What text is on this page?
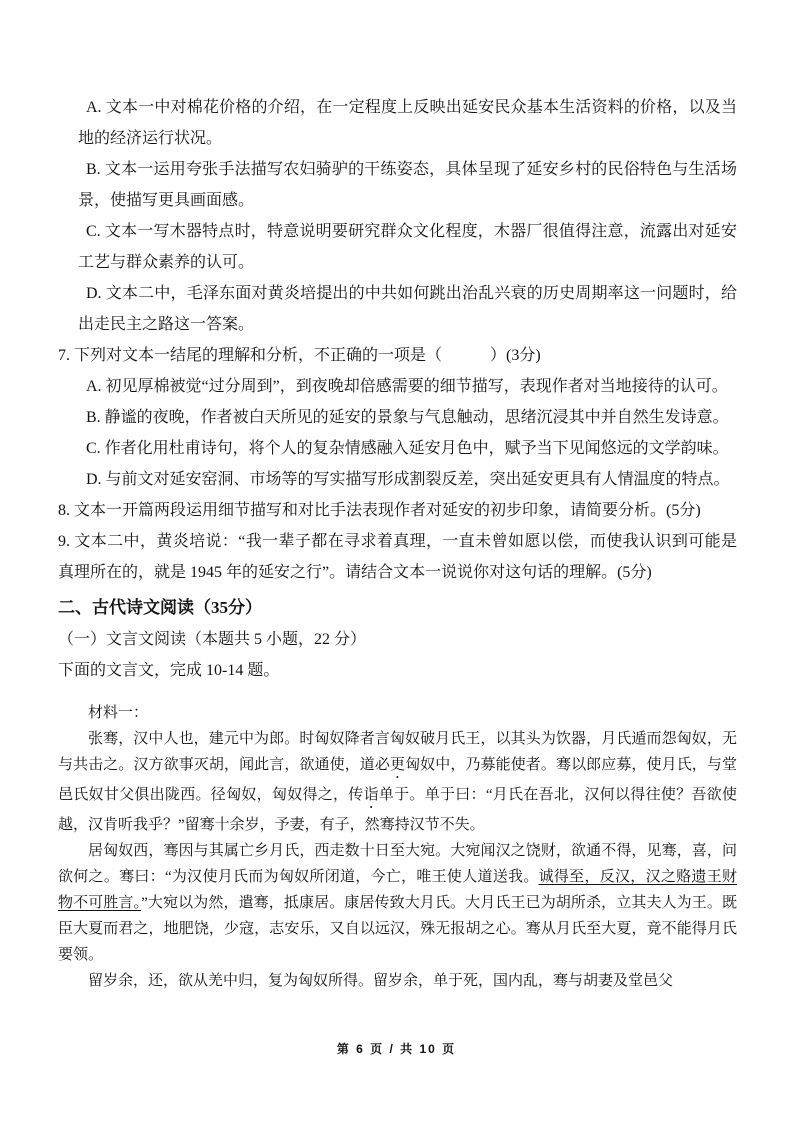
A. 文本一中对棉花价格的介绍，在一定程度上反映出延安民众基本生活资料的价格，以及当地的经济运行状况。

B. 文本一运用夸张手法描写农妇骑驴的干练姿态，具体呈现了延安乡村的民俗特色与生活场景，使描写更具画面感。

C. 文本一写木器特点时，特意说明要研究群众文化程度，木器厂很值得注意，流露出对延安工艺与群众素养的认可。

D. 文本二中，毛泽东面对黄炎培提出的中共如何跳出治乱兴衰的历史周期率这一问题时，给出走民主之路这一答案。

7. 下列对文本一结尾的理解和分析，不正确的一项是（　　　）(3分)

A. 初见厚棉被觉“过分周到”，到夜晚却倍感需要的细节描写，表现作者对当地接待的认可。

B. 静谧的夜晚，作者被白天所见的延安的景象与气息触动，思绪沉浸其中并自然生发诗意。

C. 作者化用杜甫诗句，将个人的复杂情感融入延安月色中，赋予当下见闻悠远的文学韵味。

D. 与前文对延安窑洞、市场等的写实描写形成割裂反差，突出延安更具有人情温度的特点。

8. 文本一开篇两段运用细节描写和对比手法表现作者对延安的初步印象，请简要分析。(5分)

9. 文本二中，黄炎培说：“我一辈子都在寻求着真理，一直未曾如愿以偿，而使我认识到可能是真理所在的，就是 1945 年的延安之行”。请结合文本一说说你对这句话的理解。(5分)

二、古代诗文阅读（35分）

（一）文言文阅读（本题共 5 小题，22 分）

下面的文言文，完成 10-14 题。

材料一：

张骞，汉中人也，建元中为郎。时匈奴降者言匈奴破月氏王，以其头为饮器，月氏遁而怨匈奴，无与共击之。汉方欲事灭胡，闻此言，欲通使，道必更匈奴中，乃募能使者。骞以郎应募，使月氏，与堂邑氏奴甘父俱出陇西。径匈奴，匈奴得之，传诣单于。单于曰：“月氏在吾北，汉何以得往使？吾欲使越，汉肯听我乎？”留骞十余岁，予妻，有子，然骞持汉节不失。

居匈奴西，骞因与其属亡乡月氏，西走数十日至大宛。大宛闻汉之饶财，欲通不得，见骞，喜，问欲何之。骞曰：“为汉使月氏而为匈奴所闭道，今亡，唯王使人道送我。诚得至，反汉，汉之赂遗王财物不可胜言。”大宛以为然，遣骞，抵康居。康居传致大月氏。大月氏王已为胡所杀，立其夫人为王。既臣大夏而君之，地肥饶，少寇，志安乐，又自以远汉，殊无报胡之心。骞从月氏至大夏，竟不能得月氏要领。

留岁余，还，欲从羌中归，复为匈奴所得。留岁余，单于死，国内乱，骞与胡妻及堂邑父

第 6 页 / 共 10 页
